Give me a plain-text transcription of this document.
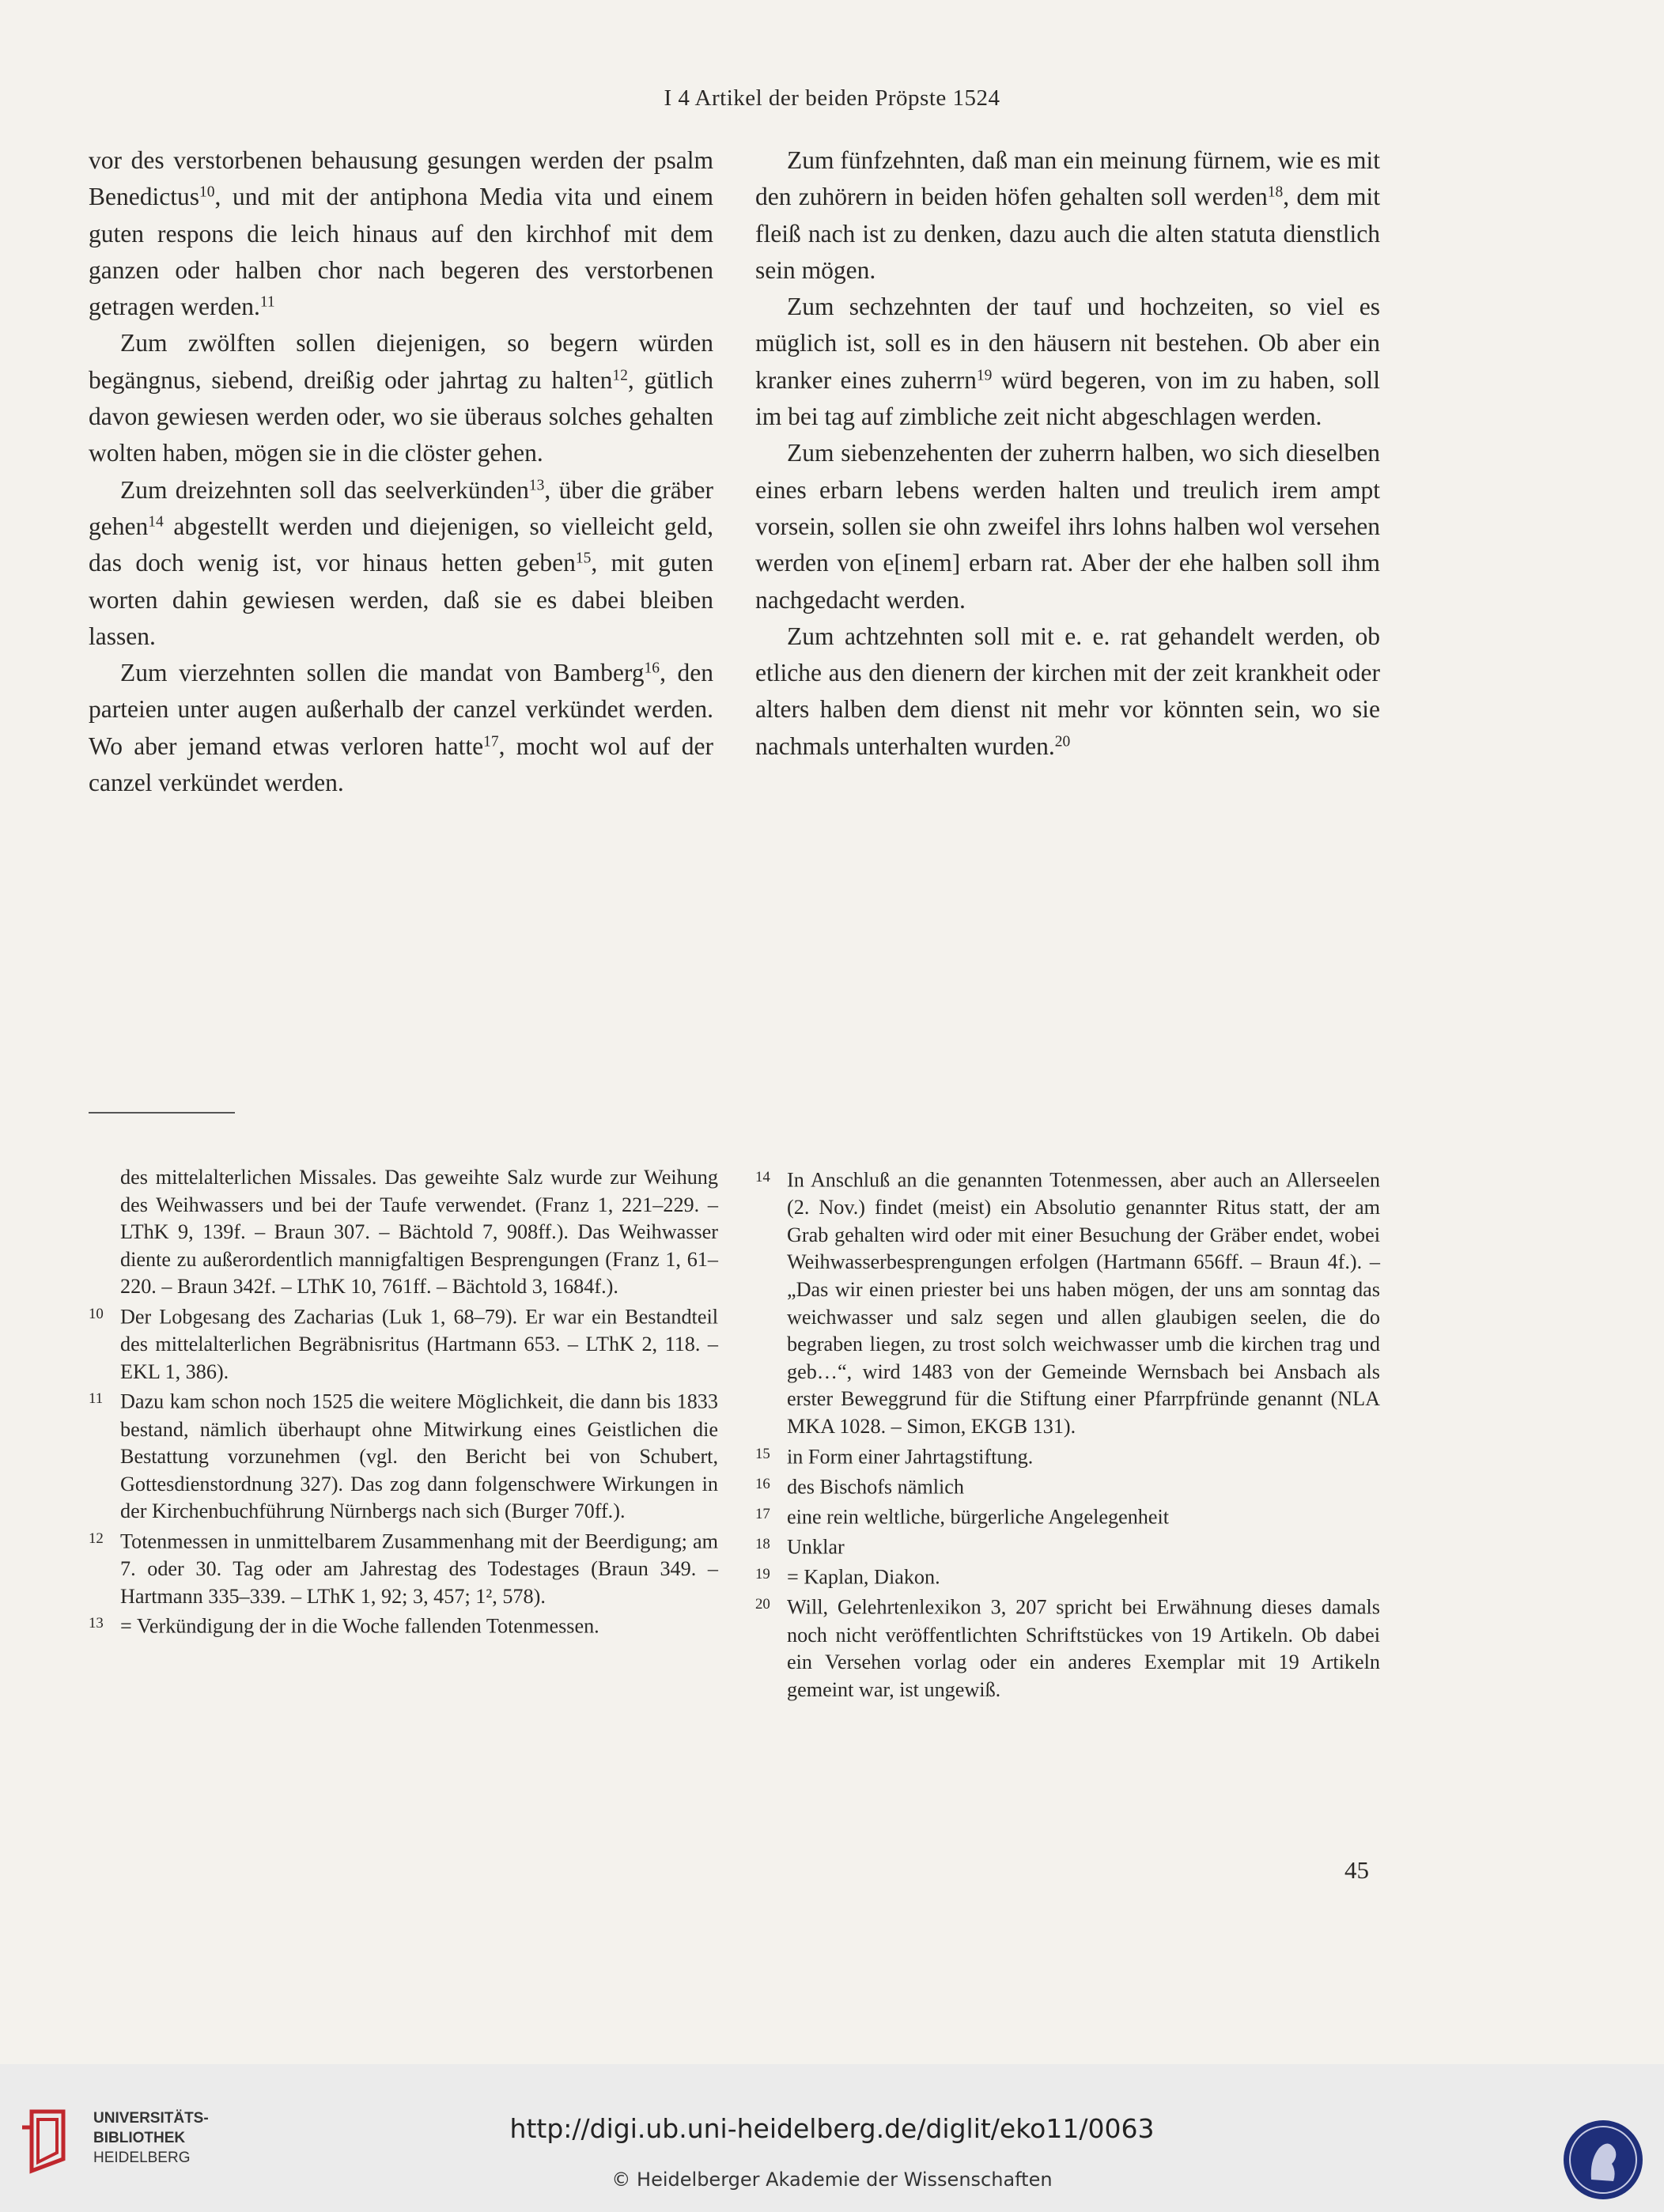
I 4 Artikel der beiden Pröpste 1524

vor des verstorbenen behausung gesungen werden der psalm Benedictus$^{10}$, und mit der antiphona Media vita und einem guten respons die leich hinaus auf den kirchhof mit dem ganzen oder halben chor nach begeren des verstorbenen getragen werden.$^{11}$

Zum zwölften sollen diejenigen, so begern würden begängnus, siebend, dreißig oder jahrtag zu halten$^{12}$, gütlich davon gewiesen werden oder, wo sie überaus solches gehalten wolten haben, mögen sie in die clöster gehen.

Zum dreizehnten soll das seelverkünden$^{13}$, über die gräber gehen$^{14}$ abgestellt werden und diejenigen, so vielleicht geld, das doch wenig ist, vor hinaus hetten geben$^{15}$, mit guten worten dahin gewiesen werden, daß sie es dabei bleiben lassen.

Zum vierzehnten sollen die mandat von Bamberg$^{16}$, den parteien unter augen außerhalb der canzel verkündet werden. Wo aber jemand etwas verloren hatte$^{17}$, mocht wol auf der canzel verkündet werden.

Zum fünfzehnten, daß man ein meinung fürnem, wie es mit den zuhörern in beiden höfen gehalten soll werden$^{18}$, dem mit fleiß nach ist zu denken, dazu auch die alten statuta dienstlich sein mögen.

Zum sechzehnten der tauf und hochzeiten, so viel es müglich ist, soll es in den häusern nit bestehen. Ob aber ein kranker eines zuherrn$^{19}$ würd begeren, von im zu haben, soll im bei tag auf zimbliche zeit nicht abgeschlagen werden.

Zum siebenzehenten der zuherrn halben, wo sich dieselben eines erbarn lebens werden halten und treulich irem ampt vorsein, sollen sie ohn zweifel ihrs lohns halben wol versehen werden von e[inem] erbarn rat. Aber der ehe halben soll ihm nachgedacht werden.

Zum achtzehnten soll mit e. e. rat gehandelt werden, ob etliche aus den dienern der kirchen mit der zeit krankheit oder alters halben dem dienst nit mehr vor könnten sein, wo sie nachmals unterhalten wurden.$^{20}$

des mittelalterlichen Missales. Das geweihte Salz wurde zur Weihung des Weihwassers und bei der Taufe verwendet. (Franz 1, 221–229. – LThK 9, 139f. – Braun 307. – Bächtold 7, 908ff.). Das Weihwasser diente zu außerordentlich mannigfaltigen Besprengungen (Franz 1, 61–220. – Braun 342f. – LThK 10, 761ff. – Bächtold 3, 1684f.).

10 Der Lobgesang des Zacharias (Luk 1, 68–79). Er war ein Bestandteil des mittelalterlichen Begräbnisritus (Hartmann 653. – LThK 2, 118. – EKL 1, 386).

11 Dazu kam schon noch 1525 die weitere Möglichkeit, die dann bis 1833 bestand, nämlich überhaupt ohne Mitwirkung eines Geistlichen die Bestattung vorzunehmen (vgl. den Bericht bei von Schubert, Gottesdienstordnung 327). Das zog dann folgenschwere Wirkungen in der Kirchenbuchführung Nürnbergs nach sich (Burger 70ff.).

12 Totenmessen in unmittelbarem Zusammenhang mit der Beerdigung; am 7. oder 30. Tag oder am Jahrestag des Todestages (Braun 349. – Hartmann 335–339. – LThK 1, 92; 3, 457; 1², 578).

13 = Verkündigung der in die Woche fallenden Totenmessen.

14 In Anschluß an die genannten Totenmessen, aber auch an Allerseelen (2. Nov.) findet (meist) ein Absolutio genannter Ritus statt, der am Grab gehalten wird oder mit einer Besuchung der Gräber endet, wobei Weihwasserbesprengungen erfolgen (Hartmann 656ff. – Braun 4f.). – „Das wir einen priester bei uns haben mögen, der uns am sonntag das weichwasser und salz segen und allen glaubigen seelen, die do begraben liegen, zu trost solch weichwasser umb die kirchen trag und geb…“, wird 1483 von der Gemeinde Wernsbach bei Ansbach als erster Beweggrund für die Stiftung einer Pfarrpfründe genannt (NLA MKA 1028. – Simon, EKGB 131).

15 in Form einer Jahrtagstiftung.

16 des Bischofs nämlich

17 eine rein weltliche, bürgerliche Angelegenheit

18 Unklar

19 = Kaplan, Diakon.

20 Will, Gelehrtenlexikon 3, 207 spricht bei Erwähnung dieses damals noch nicht veröffentlichten Schriftstückes von 19 Artikeln. Ob dabei ein Versehen vorlag oder ein anderes Exemplar mit 19 Artikeln gemeint war, ist ungewiß.

45
UNIVERSITÄTS-
BIBLIOTHEK
HEIDELBERG
http://digi.ub.uni-heidelberg.de/diglit/eko11/0063
© Heidelberger Akademie der Wissenschaften
